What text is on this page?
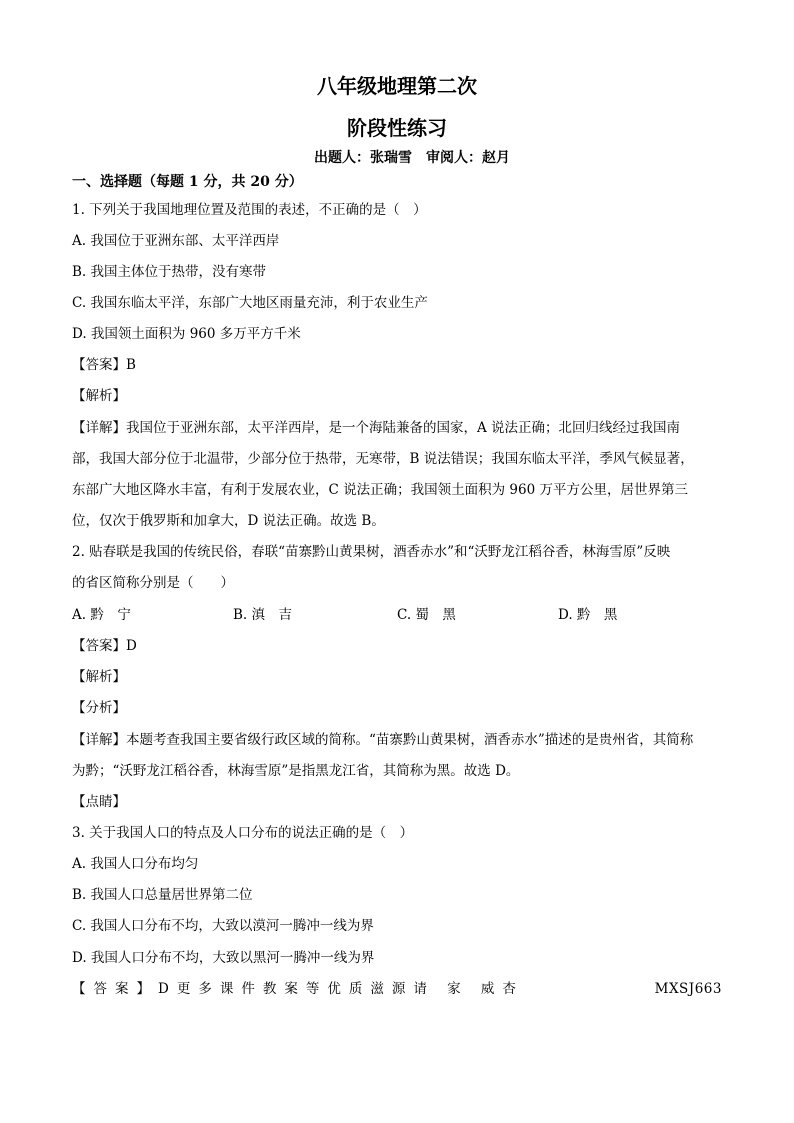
八年级地理第二次
阶段性练习
出题人：张瑞雪　审阅人：赵月
一、选择题（每题 1 分，共 20 分）
1. 下列关于我国地理位置及范围的表述，不正确的是（　）
A. 我国位于亚洲东部、太平洋西岸
B. 我国主体位于热带，没有寒带
C. 我国东临太平洋，东部广大地区雨量充沛，利于农业生产
D. 我国领土面积为 960 多万平方千米
【答案】B
【解析】
【详解】我国位于亚洲东部，太平洋西岸，是一个海陆兼备的国家，A 说法正确；北回归线经过我国南
部，我国大部分位于北温带，少部分位于热带，无寒带，B 说法错误；我国东临太平洋，季风气候显著，
东部广大地区降水丰富，有利于发展农业，C 说法正确；我国领土面积为 960 万平方公里，居世界第三
位，仅次于俄罗斯和加拿大，D 说法正确。故选 B。
2. 贴春联是我国的传统民俗，春联“苗寨黔山黄果树，酒香赤水”和“沃野龙江稻谷香，林海雪原”反映
的省区简称分别是（　　）
A. 黔　宁	B. 滇　吉	C. 蜀　黑	D. 黔　黑
【答案】D
【解析】
【分析】
【详解】本题考查我国主要省级行政区域的简称。“苗寨黔山黄果树，酒香赤水”描述的是贵州省，其简称
为黔；“沃野龙江稻谷香，林海雪原”是指黑龙江省，其简称为黑。故选 D。
【点睛】
3. 关于我国人口的特点及人口分布的说法正确的是（　）
A. 我国人口分布均匀
B. 我国人口总量居世界第二位
C. 我国人口分布不均，大致以漠河一腾冲一线为界
D. 我国人口分布不均，大致以黑河一腾冲一线为界
【答案】D更多课件教案等优质滋源请 家 威杏	MXSJ663
